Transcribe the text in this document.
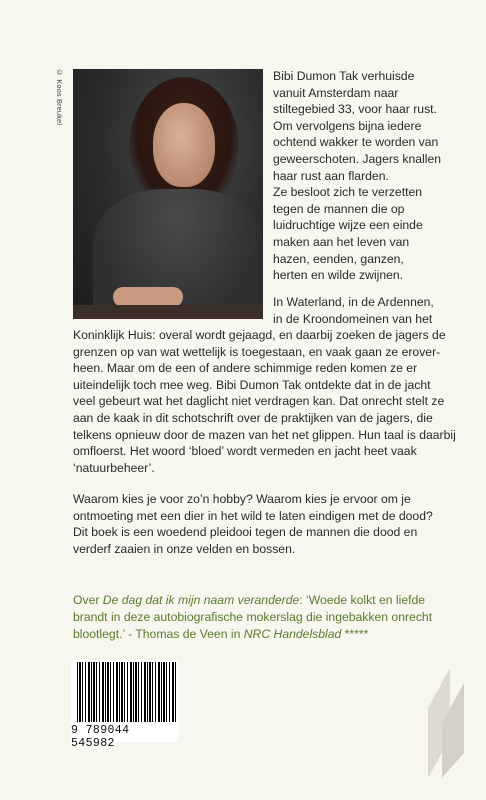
© Koos Breukel	Bibi Dumon Tak verhuisde
vanuit Amsterdam naar
stiltegebied 33, voor haar rust.
Om vervolgens bijna iedere
ochtend wakker te worden van
geweerschoten. Jagers knallen
haar rust aan flarden.
Ze besloot zich te verzetten
tegen de mannen die op
luidruchtige wijze een einde
maken aan het leven van
hazen, eenden, ganzen,
herten en wilde zwijnen.
In Waterland, in de Ardennen,
in de Kroondomeinen van het
Koninklijk Huis: overal wordt gejaagd, en daarbij zoeken de jagers de
grenzen op van wat wettelijk is toegestaan, en vaak gaan ze erover-
heen. Maar om de een of andere schimmige reden komen ze er
uiteindelijk toch mee weg. Bibi Dumon Tak ontdekte dat in de jacht
veel gebeurt wat het daglicht niet verdragen kan. Dat onrecht stelt ze
aan de kaak in dit schotschrift over de praktijken van de jagers, die
telkens opnieuw door de mazen van het net glippen. Hun taal is daarbij
omfloerst. Het woord ‘bloed’ wordt vermeden en jacht heet vaak
‘natuurbeheer’.
Waarom kies je voor zo’n hobby? Waarom kies je ervoor om je
ontmoeting met een dier in het wild te laten eindigen met de dood?
Dit boek is een woedend pleidooi tegen de mannen die dood en
verderf zaaien in onze velden en bossen.
Over De dag dat ik mijn naam veranderde: ‘Woede kolkt en liefde
brandt in deze autobiografische mokerslag die ingebakken onrecht
blootlegt.’ - Thomas de Veen in NRC Handelsblad *****
9 789044 545982
